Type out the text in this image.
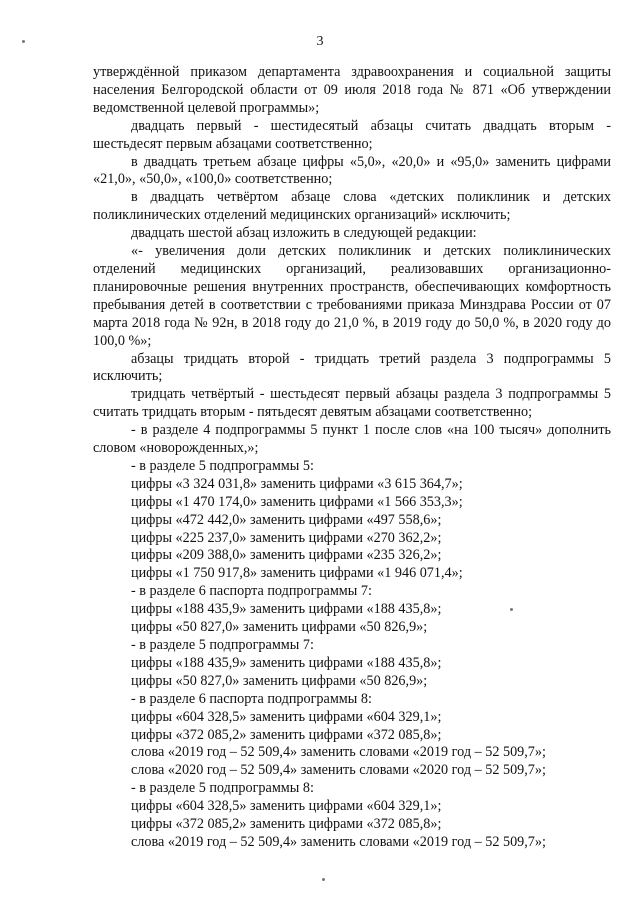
3

утверждённой приказом департамента здравоохранения и социальной защиты населения Белгородской области от 09 июля 2018 года № 871 «Об утверждении ведомственной целевой программы»;

двадцать первый - шестидесятый абзацы считать двадцать вторым - шестьдесят первым абзацами соответственно;

в двадцать третьем абзаце цифры «5,0», «20,0» и «95,0» заменить цифрами «21,0», «50,0», «100,0» соответственно;

в двадцать четвёртом абзаце слова «детских поликлиник и детских поликлинических отделений медицинских организаций» исключить;

двадцать шестой абзац изложить в следующей редакции:

«- увеличения доли детских поликлиник и детских поликлинических отделений медицинских организаций, реализовавших организационно-планировочные решения внутренних пространств, обеспечивающих комфортность пребывания детей в соответствии с требованиями приказа Минздрава России от 07 марта 2018 года № 92н, в 2018 году до 21,0 %, в 2019 году до 50,0 %, в 2020 году до 100,0 %»;

абзацы тридцать второй - тридцать третий раздела 3 подпрограммы 5 исключить;

тридцать четвёртый - шестьдесят первый абзацы раздела 3 подпрограммы 5 считать тридцать вторым - пятьдесят девятым абзацами соответственно;

- в разделе 4 подпрограммы 5 пункт 1 после слов «на 100 тысяч» дополнить словом «новорожденных,»;

- в разделе 5 подпрограммы 5:

цифры «3 324 031,8» заменить цифрами «3 615 364,7»;

цифры «1 470 174,0» заменить цифрами «1 566 353,3»;

цифры «472 442,0» заменить цифрами «497 558,6»;

цифры «225 237,0» заменить цифрами «270 362,2»;

цифры «209 388,0» заменить цифрами «235 326,2»;

цифры «1 750 917,8» заменить цифрами «1 946 071,4»;

- в разделе 6 паспорта подпрограммы 7:

цифры «188 435,9» заменить цифрами «188 435,8»;

цифры «50 827,0» заменить цифрами «50 826,9»;

- в разделе 5 подпрограммы 7:

цифры «188 435,9» заменить цифрами «188 435,8»;

цифры «50 827,0» заменить цифрами «50 826,9»;

- в разделе 6 паспорта подпрограммы 8:

цифры «604 328,5» заменить цифрами «604 329,1»;

цифры «372 085,2» заменить цифрами «372 085,8»;

слова «2019 год – 52 509,4» заменить словами «2019 год – 52 509,7»;

слова «2020 год – 52 509,4» заменить словами «2020 год – 52 509,7»;

- в разделе 5 подпрограммы 8:

цифры «604 328,5» заменить цифрами «604 329,1»;

цифры «372 085,2» заменить цифрами «372 085,8»;

слова «2019 год – 52 509,4» заменить словами «2019 год – 52 509,7»;
